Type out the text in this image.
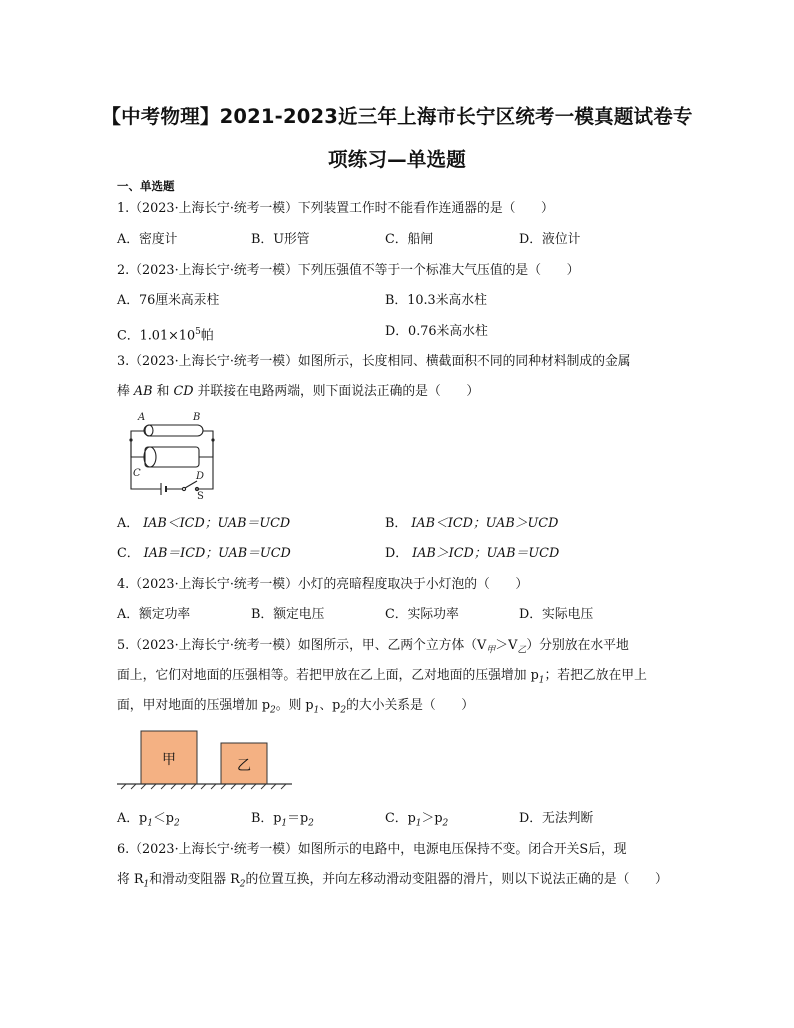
【中考物理】2021-2023近三年上海市长宁区统考一模真题试卷专
项练习—单选题
一、单选题
1.（2023·上海长宁·统考一模）下列装置工作时不能看作连通器的是（　　）
A．密度计	B．U形管	C．船闸	D．液位计
2.（2023·上海长宁·统考一模）下列压强值不等于一个标准大气压值的是（　　）
A．76厘米高汞柱	B．10.3米高水柱
C．$1.01\times 10^5$帕	D．0.76米高水柱
3.（2023·上海长宁·统考一模）如图所示，长度相同、横截面积不同的同种材料制成的金属
棒 AB 和 CD 并联接在电路两端，则下面说法正确的是（　　）
A	B
C	D
S
A． IAB＜ICD；UAB＝UCD	B． IAB＜ICD；UAB＞UCD
C． IAB＝ICD；UAB＝UCD	D． IAB＞ICD；UAB＝UCD
4.（2023·上海长宁·统考一模）小灯的亮暗程度取决于小灯泡的（　　）
A．额定功率	B．额定电压	C．实际功率	D．实际电压
5.（2023·上海长宁·统考一模）如图所示，甲、乙两个立方体$(V_甲>V_乙)$分别放在水平地
面上，它们对地面的压强相等。若把甲放在乙上面，乙对地面的压强增加 $p_1$；若把乙放在甲上
面，甲对地面的压强增加 $p_2$。则 $p_1$、$p_2$的大小关系是（　　）
甲	乙
A．$p_1<p_2$	B．$p_1=p_2$	C．$p_1>p_2$	D．无法判断
6.（2023·上海长宁·统考一模）如图所示的电路中，电源电压保持不变。闭合开关S后，现
将 $R_1$和滑动变阻器 $R_2$的位置互换，并向左移动滑动变阻器的滑片，则以下说法正确的是（　　）
